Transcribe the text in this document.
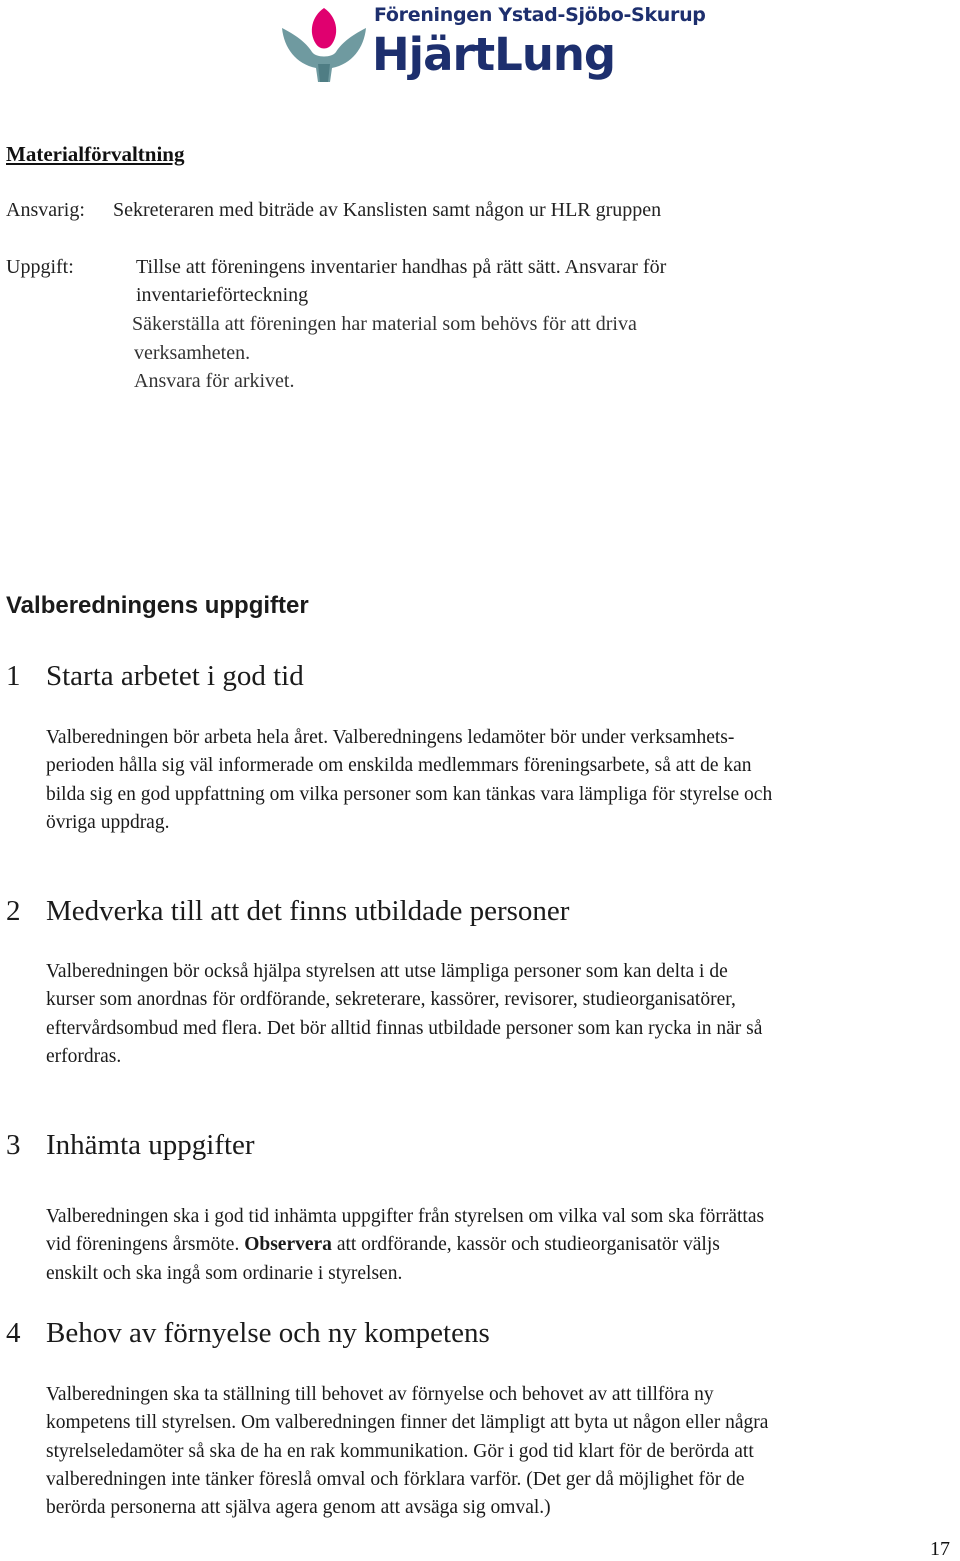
Föreningen Ystad-Sjöbo-Skurup
HjärtLung
Materialförvaltning
Ansvarig: Sekreteraren med biträde av Kanslisten samt någon ur HLR gruppen
Uppgift:	Tillse att föreningens inventarier handhas på rätt sätt. Ansvarar för
inventarieförteckning
Säkerställa att föreningen har material som behövs för att driva
verksamheten.
Ansvara för arkivet.
Valberedningens uppgifter
1 Starta arbetet i god tid
Valberedningen bör arbeta hela året. Valberedningens ledamöter bör under verksamhets-
perioden hålla sig väl informerade om enskilda medlemmars föreningsarbete, så att de kan
bilda sig en god uppfattning om vilka personer som kan tänkas vara lämpliga för styrelse och
övriga uppdrag.
2 Medverka till att det finns utbildade personer
Valberedningen bör också hjälpa styrelsen att utse lämpliga personer som kan delta i de
kurser som anordnas för ordförande, sekreterare, kassörer, revisorer, studieorganisatörer,
eftervårdsombud med flera. Det bör alltid finnas utbildade personer som kan rycka in när så
erfordras.
3 Inhämta uppgifter
Valberedningen ska i god tid inhämta uppgifter från styrelsen om vilka val som ska förrättas
vid föreningens årsmöte. Observera att ordförande, kassör och studieorganisatör väljs
enskilt och ska ingå som ordinarie i styrelsen.
4 Behov av förnyelse och ny kompetens
Valberedningen ska ta ställning till behovet av förnyelse och behovet av att tillföra ny
kompetens till styrelsen. Om valberedningen finner det lämpligt att byta ut någon eller några
styrelseledamöter så ska de ha en rak kommunikation. Gör i god tid klart för de berörda att
valberedningen inte tänker föreslå omval och förklara varför. (Det ger då möjlighet för de
berörda personerna att själva agera genom att avsäga sig omval.)
17
